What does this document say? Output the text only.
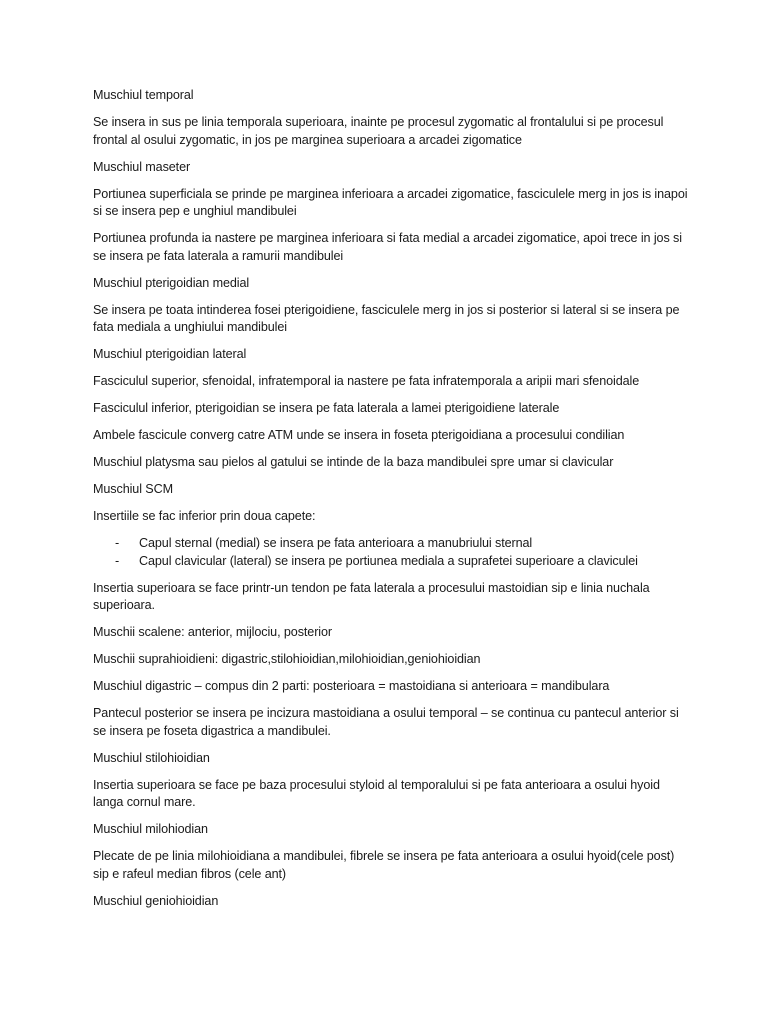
Muschiul temporal

Se insera in sus pe linia temporala superioara, inainte pe procesul zygomatic al frontalului si pe procesul frontal al osului zygomatic, in jos pe marginea superioara a arcadei zigomatice

Muschiul maseter

Portiunea superficiala se prinde pe marginea inferioara a arcadei zigomatice, fasciculele merg in jos is inapoi si se insera pep e unghiul mandibulei

Portiunea profunda ia nastere pe marginea inferioara si fata medial a arcadei zigomatice, apoi trece in jos si se insera pe fata laterala a ramurii mandibulei

Muschiul pterigoidian medial

Se insera pe toata intinderea fosei pterigoidiene, fasciculele merg in jos si posterior si lateral si se insera pe fata mediala a unghiului mandibulei

Muschiul pterigoidian lateral

Fasciculul superior, sfenoidal, infratemporal ia nastere pe fata infratemporala a aripii mari sfenoidale

Fasciculul inferior, pterigoidian se insera pe fata laterala a lamei pterigoidiene laterale

Ambele fascicule converg catre ATM unde se insera in foseta pterigoidiana a procesului condilian

Muschiul platysma sau pielos al gatului se intinde de la baza mandibulei spre umar si clavicular

Muschiul SCM

Insertiile se fac inferior prin doua capete:

- Capul sternal (medial) se insera pe fata anterioara a manubriului sternal
- Capul clavicular (lateral) se insera pe portiunea mediala a suprafetei superioare a claviculei

Insertia superioara se face printr-un tendon pe fata laterala a procesului mastoidian sip e linia nuchala superioara.

Muschii scalene: anterior, mijlociu, posterior

Muschii suprahioidieni: digastric,stilohioidian,milohioidian,geniohioidian

Muschiul digastric – compus din 2 parti: posterioara = mastoidiana si anterioara = mandibulara

Pantecul posterior se insera pe incizura mastoidiana a osului temporal – se continua cu pantecul anterior si se insera pe foseta digastrica a mandibulei.

Muschiul stilohioidian

Insertia superioara se face pe baza procesului styloid al temporalului si pe fata anterioara a osului hyoid langa cornul mare.

Muschiul milohiodian

Plecate de pe linia milohioidiana a mandibulei, fibrele se insera pe fata anterioara a osului hyoid(cele post) sip e rafeul median fibros (cele ant)

Muschiul geniohioidian
